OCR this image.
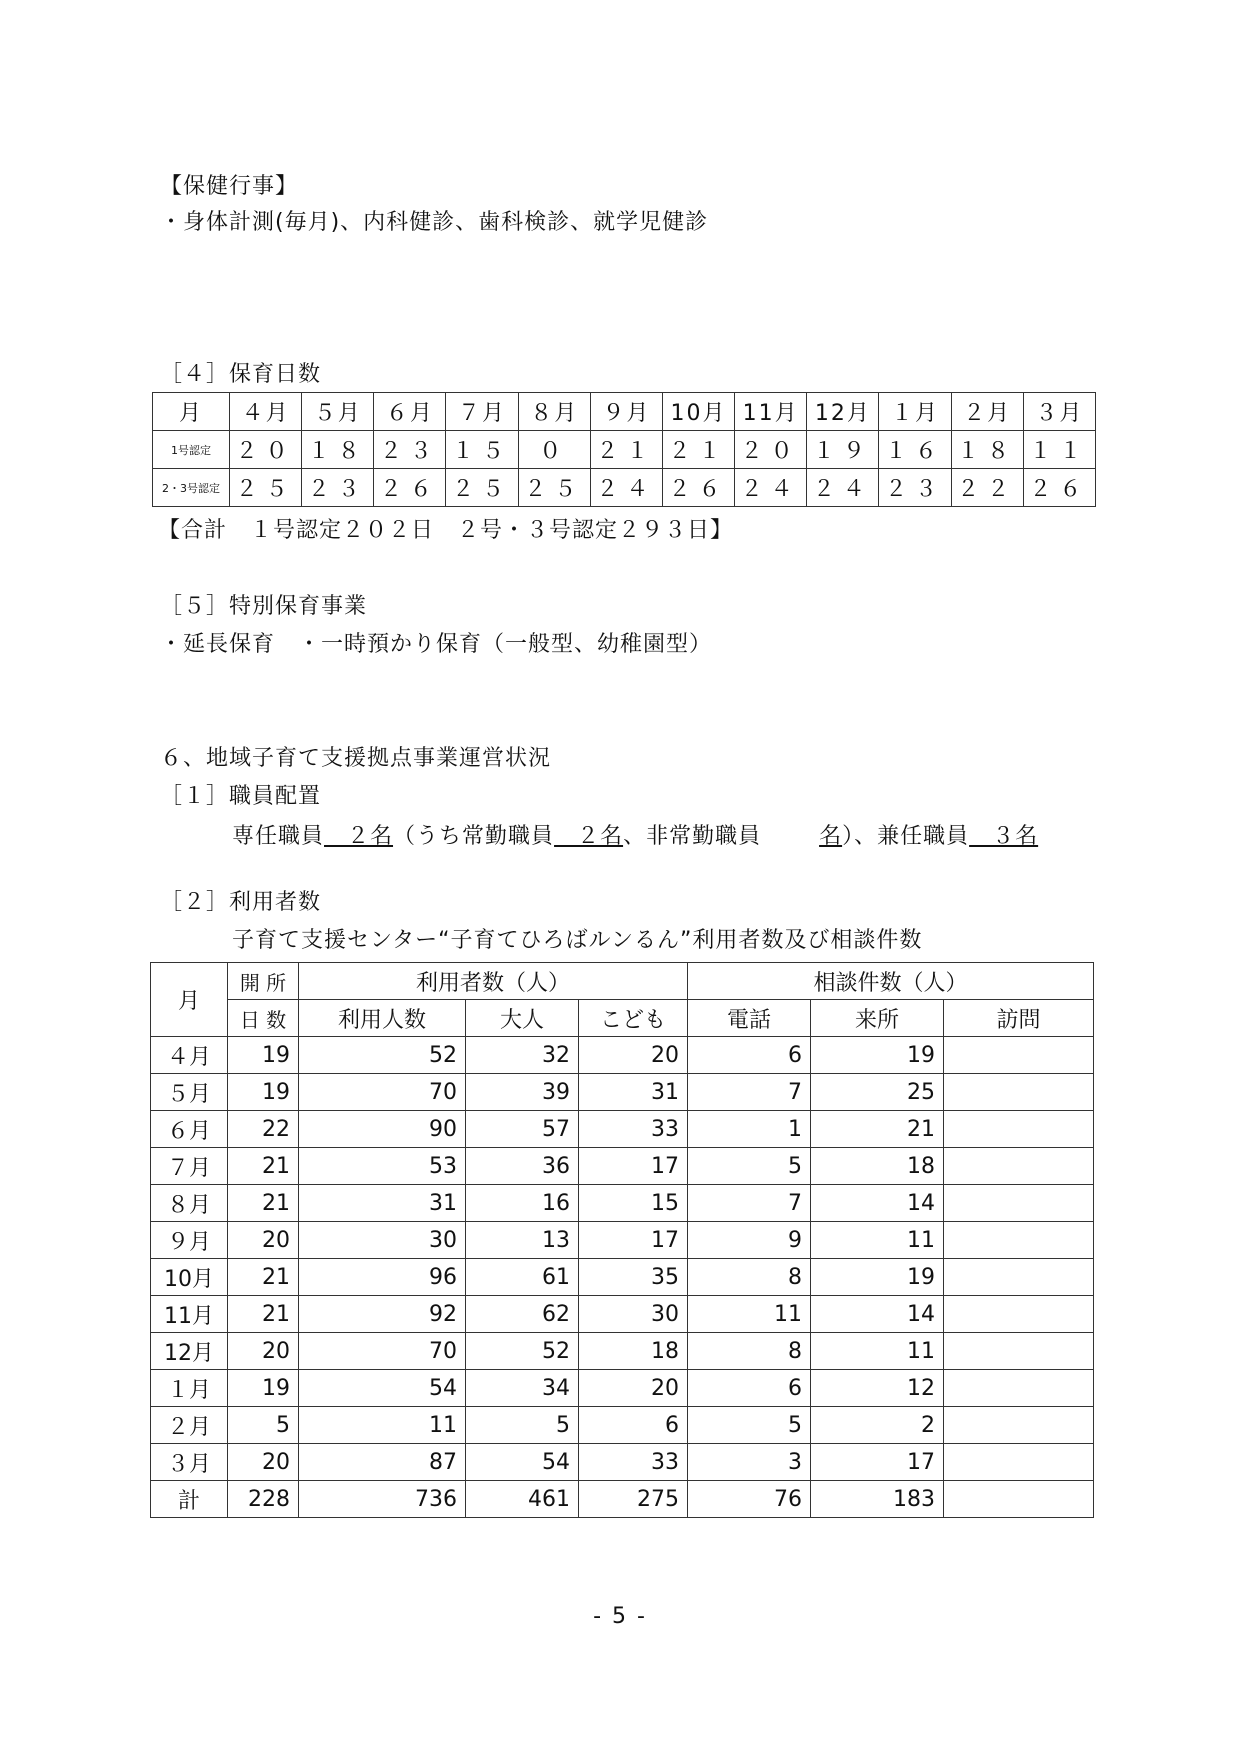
【保健行事】
・身体計測(毎月)、内科健診、歯科検診、就学児健診
［４］保育日数
月	４月	５月	６月	７月	８月	９月	10月	11月	12月	１月	２月	３月
1号認定	２０	１８	２３	１５	０	２１	２１	２０	１９	１６	１８	１１
2・3号認定	２５	２３	２６	２５	２５	２４	２６	２４	２４	２３	２２	２６
【合計　１号認定２０２日　２号・３号認定２９３日】
［５］特別保育事業
・延長保育　・一時預かり保育（一般型、幼稚園型）
６、地域子育て支援拠点事業運営状況
［１］職員配置
専任職員　２名（うち常勤職員　２名、非常勤職員	名）、兼任職員　３名
［２］利用者数
子育て支援センター“子育てひろばルンるん”利用者数及び相談件数
月	開 所	利用者数（人）			相談件数（人）		
	日 数	利用人数	大人	こども	電話	来所	訪問
４月	19	52	32	20	6	19	
５月	19	70	39	31	7	25	
６月	22	90	57	33	1	21	
７月	21	53	36	17	5	18	
８月	21	31	16	15	7	14	
９月	20	30	13	17	9	11	
10月	21	96	61	35	8	19	
11月	21	92	62	30	11	14	
12月	20	70	52	18	8	11	
１月	19	54	34	20	6	12	
２月	5	11	5	6	5	2	
３月	20	87	54	33	3	17	
計	228	736	461	275	76	183	
- 5 -
